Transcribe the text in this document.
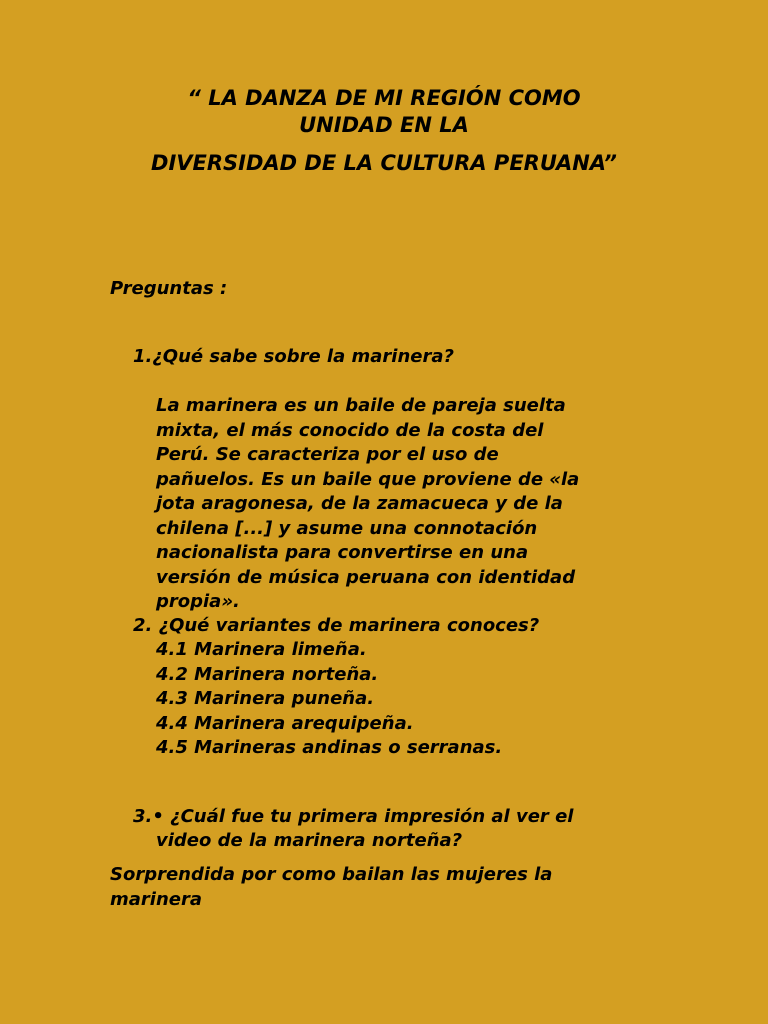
“ LA DANZA DE MI REGIÓN COMO
UNIDAD EN LA
DIVERSIDAD DE LA CULTURA PERUANA”
Preguntas :
1.¿Qué sabe sobre la marinera?
La marinera es un baile de pareja suelta
mixta, el más conocido de la costa del
Perú. Se caracteriza por el uso de
pañuelos. Es un baile que proviene de «la
jota aragonesa, de la zamacueca y de la
chilena [...] y asume una connotación
nacionalista para convertirse en una
versión de música peruana con identidad
propia».
2. ¿Qué variantes de marinera conoces?
4.1 Marinera limeña.
4.2 Marinera norteña.
4.3 Marinera puneña.
4.4 Marinera arequipeña.
4.5 Marineras andinas o serranas.
3.• ¿Cuál fue tu primera impresión al ver el
video de la marinera norteña?
Sorprendida por como bailan las mujeres la
marinera
